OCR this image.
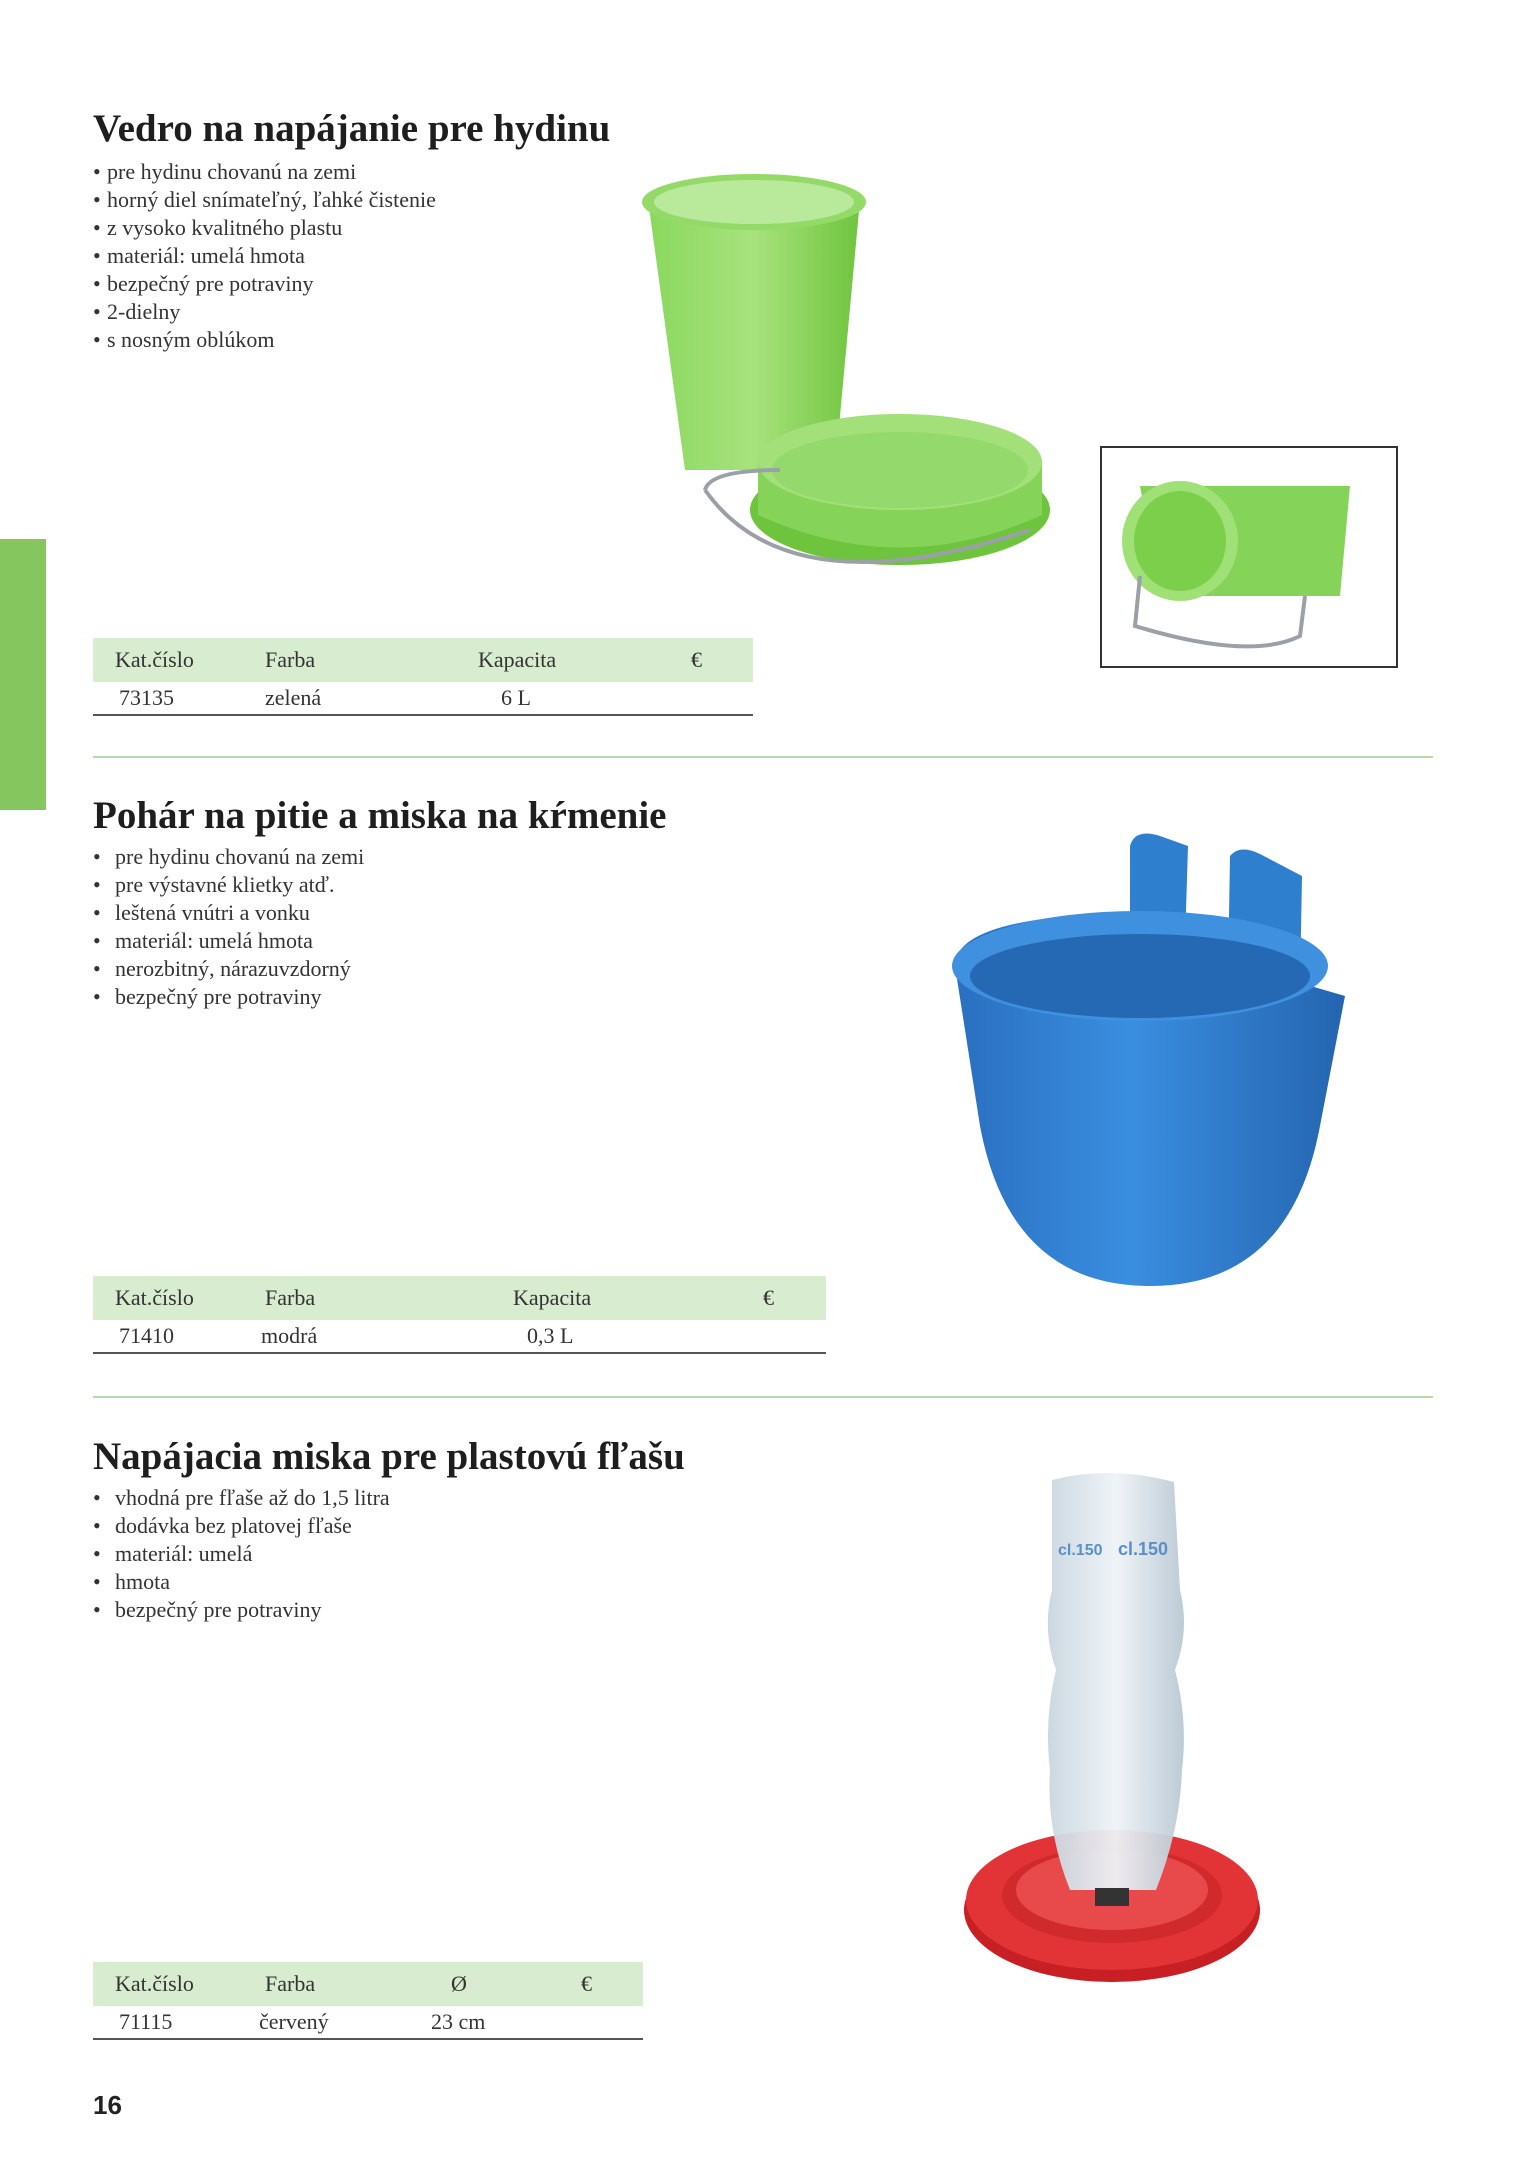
Vedro na napájanie pre hydinu
• pre hydinu chovanú na zemi
• horný diel snímateľný, ľahké čistenie
• z vysoko kvalitného plastu
• materiál: umelá hmota
• bezpečný pre potraviny
• 2-dielny
• s nosným oblúkom
Kat.číslo	Farba	Kapacita	€
73135	zelená	6 L
Pohár na pitie a miska na kŕmenie
• pre hydinu chovanú na zemi
• pre výstavné klietky atď.
• leštená vnútri a vonku
• materiál: umelá hmota
• nerozbitný, nárazuvzdorný
• bezpečný pre potraviny
Kat.číslo	Farba	Kapacita	€
71410	modrá	0,3 L
Napájacia miska pre plastovú fľašu
• vhodná pre fľaše až do 1,5 litra
• dodávka bez platovej fľaše
• materiál: umelá
• hmota
• bezpečný pre potraviny
cl.150 cl.150
Kat.číslo	Farba	Ø	€
71115	červený	23 cm
16
